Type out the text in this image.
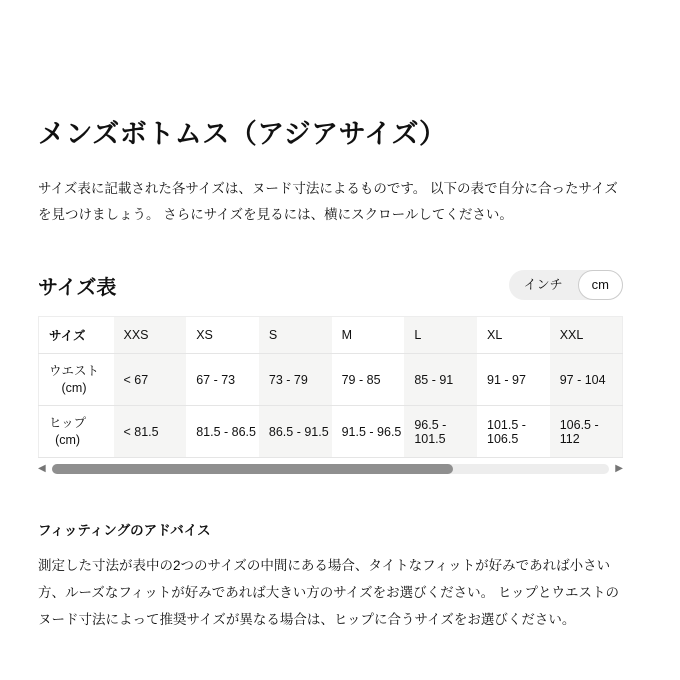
メンズボトムス（アジアサイズ）

サイズ表に記載された各サイズは、ヌード寸法によるものです。 以下の表で自分に合ったサイズを見つけましょう。 さらにサイズを見るには、横にスクロールしてください。

サイズ表	インチ	cm
サイズ	XXS	XS	S	M	L	XL	XXL

ウエスト
(cm)	< 67	67 - 73	73 - 79	79 - 85	85 - 91	91 - 97	97 - 104

ヒップ
(cm)	< 81.5	81.5 - 86.5	86.5 - 91.5	91.5 - 96.5	96.5 - 101.5	101.5 - 106.5	106.5 - 112
◀	▶
フィッティングのアドバイス

測定した寸法が表中の2つのサイズの中間にある場合、タイトなフィットが好みであれば小さい方、ルーズなフィットが好みであれば大きい方のサイズをお選びください。 ヒップとウエストのヌード寸法によって推奨サイズが異なる場合は、ヒップに合うサイズをお選びください。
